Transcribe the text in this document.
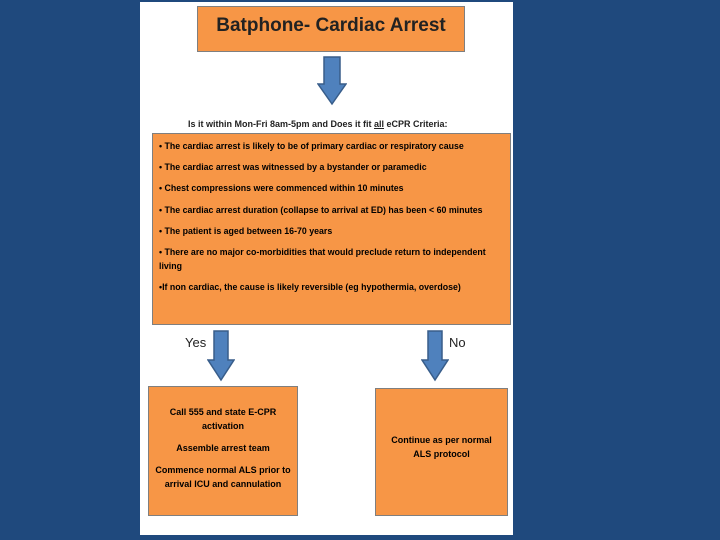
Batphone- Cardiac Arrest
Is it within Mon-Fri 8am-5pm and Does it fit all eCPR Criteria:

• The cardiac arrest is likely to be of primary cardiac or respiratory cause

• The cardiac arrest was witnessed by a bystander or paramedic

• Chest compressions were commenced within 10 minutes

• The cardiac arrest duration (collapse to arrival at ED) has been < 60 minutes

• The patient is aged between 16-70 years

• There are no major co-morbidities that would preclude return to independent living

•If non cardiac, the cause is likely reversible (eg hypothermia, overdose)

Yes	No

Call 555 and state E-CPR activation

Assemble arrest team

Commence normal ALS prior to arrival ICU and cannulation

Continue as per normal ALS protocol
